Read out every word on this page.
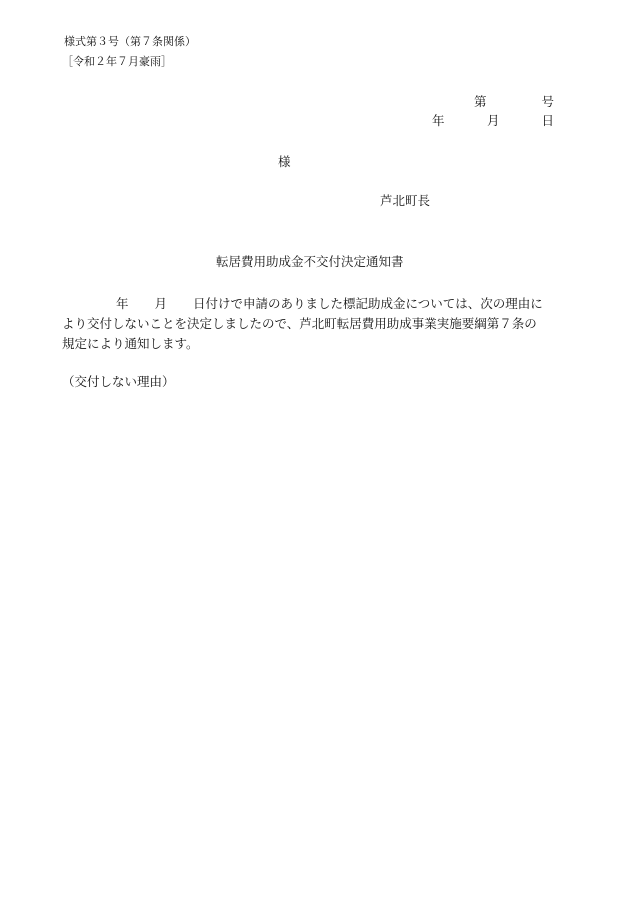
様式第３号（第７条関係）
［令和２年７月豪雨］
第	号
年	月	日
様
芦北町長
転居費用助成金不交付決定通知書
年 月 日付けで申請のありました標記助成金については、次の理由に
より交付しないことを決定しましたので、芦北町転居費用助成事業実施要綱第７条の
規定により通知します。
（交付しない理由）
